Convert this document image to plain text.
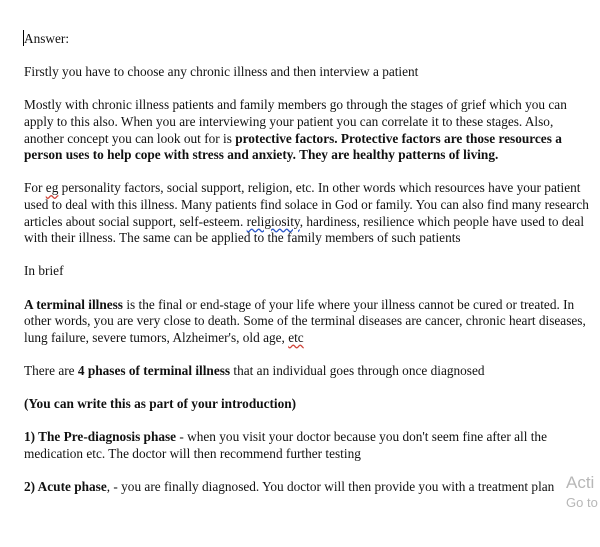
Answer:

Firstly you have to choose any chronic illness and then interview a patient

Mostly with chronic illness patients and family members go through the stages of grief which you can apply to this also. When you are interviewing your patient you can correlate it to these stages. Also, another concept you can look out for is protective factors. Protective factors are those resources a person uses to help cope with stress and anxiety. They are healthy patterns of living.

For eg personality factors, social support, religion, etc. In other words which resources have your patient used to deal with this illness. Many patients find solace in God or family. You can also find many research articles about social support, self-esteem. religiosity, hardiness, resilience which people have used to deal with their illness. The same can be applied to the family members of such patients

In brief

A terminal illness is the final or end-stage of your life where your illness cannot be cured or treated. In other words, you are very close to death. Some of the terminal diseases are cancer, chronic heart diseases, lung failure, severe tumors, Alzheimer's, old age, etc

There are 4 phases of terminal illness that an individual goes through once diagnosed

(You can write this as part of your introduction)

1) The Pre-diagnosis phase - when you visit your doctor because you don't seem fine after all the medication etc. The doctor will then recommend further testing

2) Acute phase, - you are finally diagnosed. You doctor will then provide you with a treatment plan Acti
Go to
